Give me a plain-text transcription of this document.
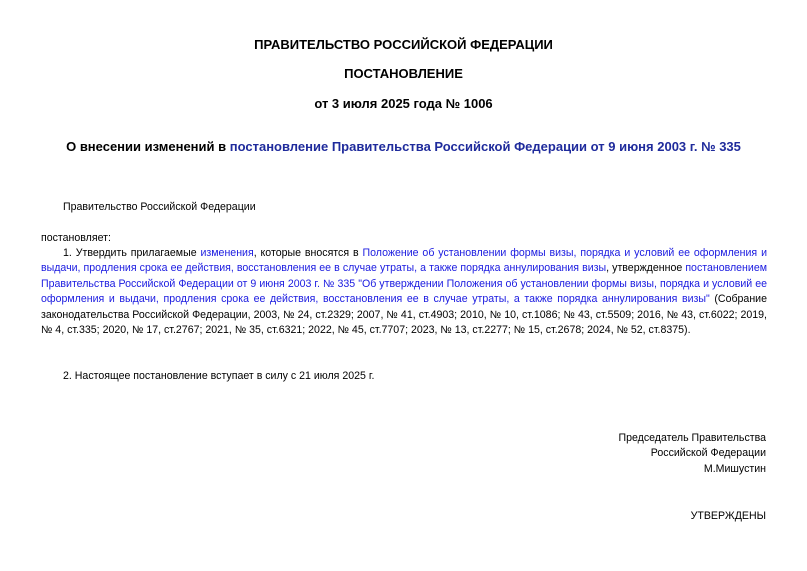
ПРАВИТЕЛЬСТВО РОССИЙСКОЙ ФЕДЕРАЦИИ
ПОСТАНОВЛЕНИЕ
от 3 июля 2025 года № 1006
О внесении изменений в постановление Правительства Российской Федерации от 9 июня 2003 г. № 335
Правительство Российской Федерации
постановляет:
1. Утвердить прилагаемые изменения, которые вносятся в Положение об установлении формы визы, порядка и условий ее оформления и выдачи, продления срока ее действия, восстановления ее в случае утраты, а также порядка аннулирования визы, утвержденное постановлением Правительства Российской Федерации от 9 июня 2003 г. № 335 "Об утверждении Положения об установлении формы визы, порядка и условий ее оформления и выдачи, продления срока ее действия, восстановления ее в случае утраты, а также порядка аннулирования визы" (Собрание законодательства Российской Федерации, 2003, № 24, ст.2329; 2007, № 41, ст.4903; 2010, № 10, ст.1086; № 43, ст.5509; 2016, № 43, ст.6022; 2019, № 4, ст.335; 2020, № 17, ст.2767; 2021, № 35, ст.6321; 2022, № 45, ст.7707; 2023, № 13, ст.2277; № 15, ст.2678; 2024, № 52, ст.8375).
2. Настоящее постановление вступает в силу с 21 июля 2025 г.
Председатель Правительства
Российской Федерации
М.Мишустин
УТВЕРЖДЕНЫ
